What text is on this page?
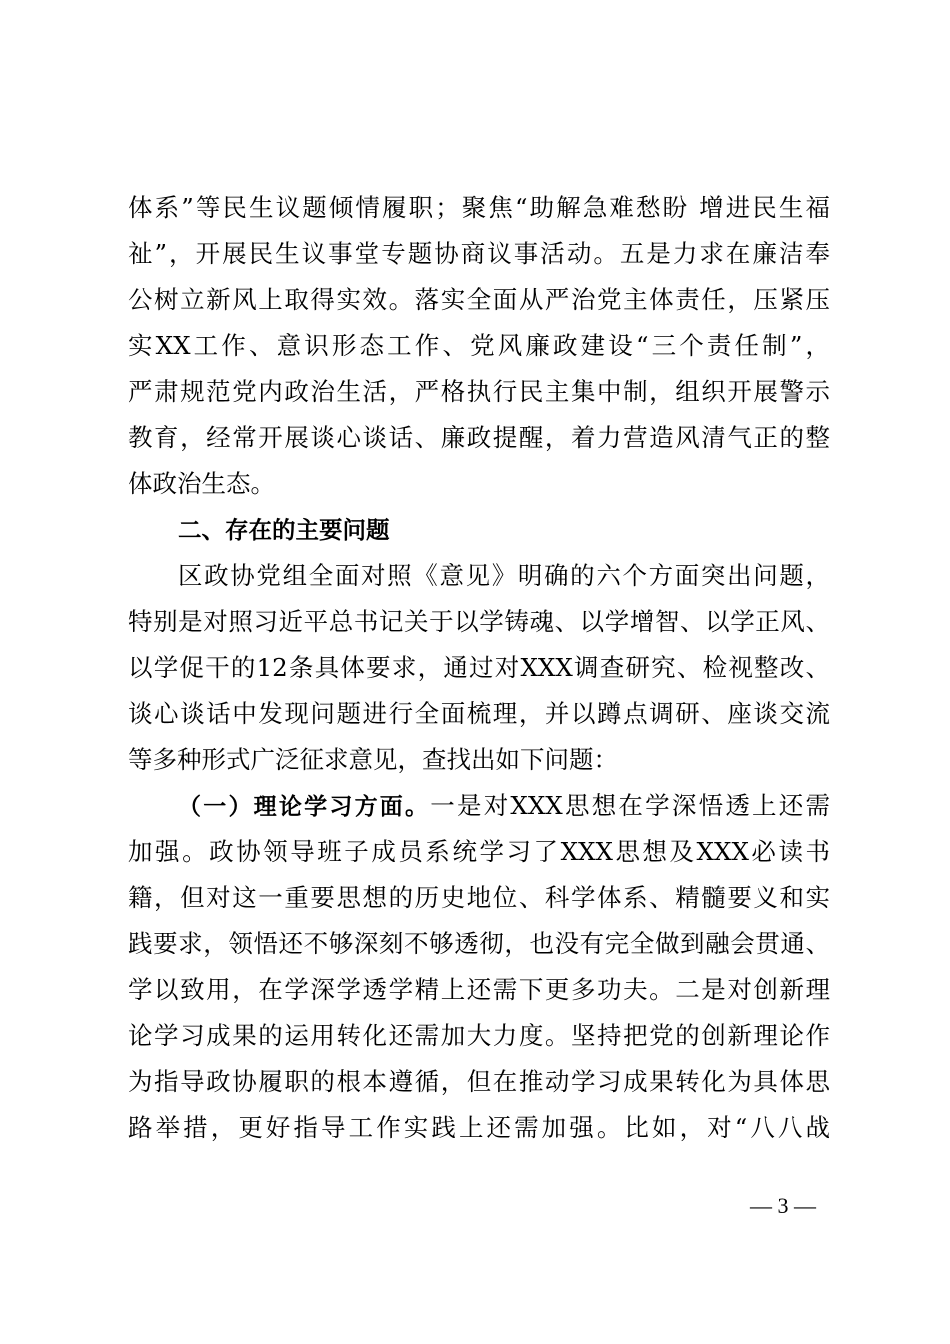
体系”等民生议题倾情履职；聚焦“助解急难愁盼 增进民生福
祉”，开展民生议事堂专题协商议事活动。五是力求在廉洁奉
公树立新风上取得实效。落实全面从严治党主体责任，压紧压
实XX工作、意识形态工作、党风廉政建设“三个责任制”，
严肃规范党内政治生活，严格执行民主集中制，组织开展警示
教育，经常开展谈心谈话、廉政提醒，着力营造风清气正的整
体政治生态。
二、存在的主要问题
区政协党组全面对照《意见》明确的六个方面突出问题，
特别是对照习近平总书记关于以学铸魂、以学增智、以学正风、
以学促干的12条具体要求，通过对XXX调查研究、检视整改、
谈心谈话中发现问题进行全面梳理，并以蹲点调研、座谈交流
等多种形式广泛征求意见，查找出如下问题：
（一）理论学习方面。一是对XXX思想在学深悟透上还需
加强。政协领导班子成员系统学习了XXX思想及XXX必读书
籍，但对这一重要思想的历史地位、科学体系、精髓要义和实
践要求，领悟还不够深刻不够透彻，也没有完全做到融会贯通、
学以致用，在学深学透学精上还需下更多功夫。二是对创新理
论学习成果的运用转化还需加大力度。坚持把党的创新理论作
为指导政协履职的根本遵循，但在推动学习成果转化为具体思
路举措，更好指导工作实践上还需加强。比如，对“八八战
— 3 —
